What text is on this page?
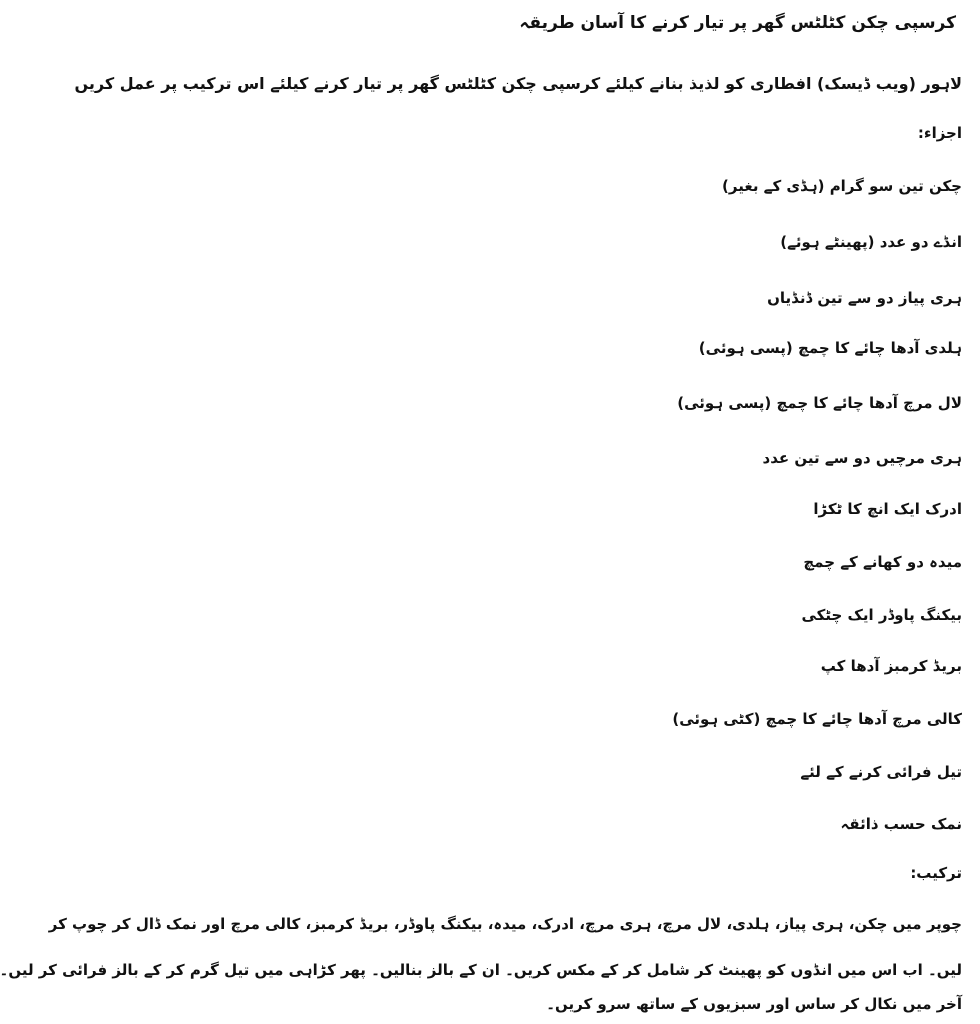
کرسپی چکن کٹلٹس گھر پر تیار کرنے کا آسان طریقہ
لاہور (ویب ڈیسک) افطاری کو لذیذ بنانے کیلئے کرسپی چکن کٹلٹس گھر پر تیار کرنے کیلئے اس ترکیب پر عمل کریں
اجزاء:
چکن تین سو گرام (ہڈی کے بغیر)
انڈے دو عدد (پھینٹے ہوئے)
ہری پیاز دو سے تین ڈنڈیاں
ہلدی آدھا چائے کا چمچ (پسی ہوئی)
لال مرچ آدھا چائے کا چمچ (پسی ہوئی)
ہری مرچیں دو سے تین عدد
ادرک ایک انچ کا ٹکڑا
میدہ دو کھانے کے چمچ
بیکنگ پاوڈر ایک چٹکی
بریڈ کرمبز آدھا کپ
کالی مرچ آدھا چائے کا چمچ (کٹی ہوئی)
تیل فرائی کرنے کے لئے
نمک حسب ذائقہ
ترکیب:
چوپر میں چکن، ہری پیاز، ہلدی، لال مرچ، ہری مرچ، ادرک، میدہ، بیکنگ پاوڈر، بریڈ کرمبز، کالی مرچ اور نمک ڈال کر چوپ کر
لیں۔ اب اس میں انڈوں کو پھینٹ کر شامل کر کے مکس کریں۔ ان کے بالز بنالیں۔ پھر کڑاہی میں تیل گرم کر کے بالز فرائی کر لیں۔
آخر میں نکال کر ساس اور سبزیوں کے ساتھ سرو کریں۔
